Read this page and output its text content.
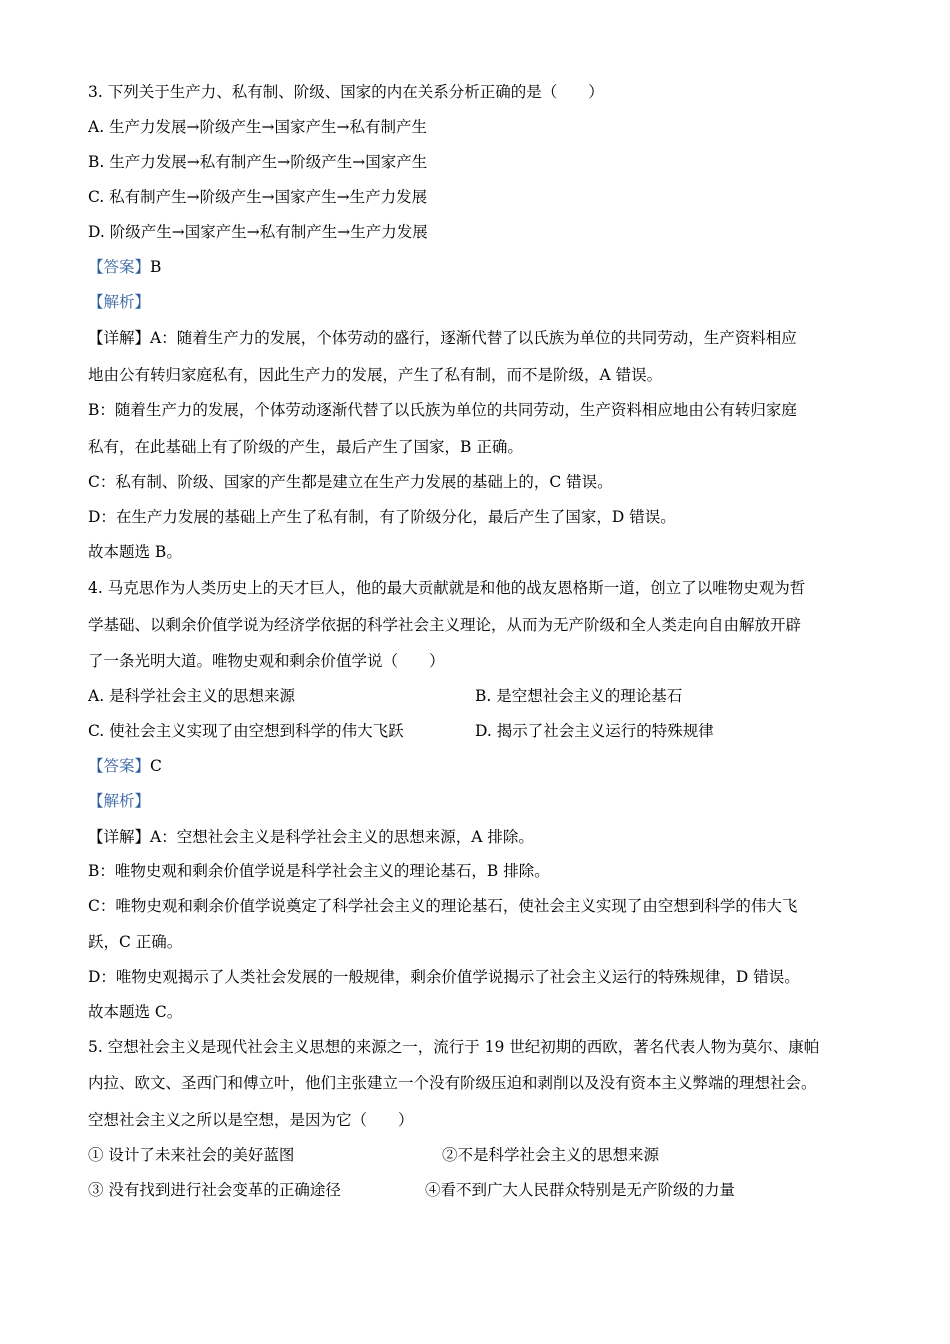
3. 下列关于生产力、私有制、阶级、国家的内在关系分析正确的是（　　）
A. 生产力发展→阶级产生→国家产生→私有制产生
B. 生产力发展→私有制产生→阶级产生→国家产生
C. 私有制产生→阶级产生→国家产生→生产力发展
D. 阶级产生→国家产生→私有制产生→生产力发展
【答案】B
【解析】
【详解】A：随着生产力的发展，个体劳动的盛行，逐渐代替了以氏族为单位的共同劳动，生产资料相应
地由公有转归家庭私有，因此生产力的发展，产生了私有制，而不是阶级，A 错误。
B：随着生产力的发展，个体劳动逐渐代替了以氏族为单位的共同劳动，生产资料相应地由公有转归家庭
私有，在此基础上有了阶级的产生，最后产生了国家，B 正确。
C：私有制、阶级、国家的产生都是建立在生产力发展的基础上的，C 错误。
D：在生产力发展的基础上产生了私有制，有了阶级分化，最后产生了国家，D 错误。
故本题选 B。
4. 马克思作为人类历史上的天才巨人，他的最大贡献就是和他的战友恩格斯一道，创立了以唯物史观为哲
学基础、以剩余价值学说为经济学依据的科学社会主义理论，从而为无产阶级和全人类走向自由解放开辟
了一条光明大道。唯物史观和剩余价值学说（　　）
A. 是科学社会主义的思想来源	B. 是空想社会主义的理论基石
C. 使社会主义实现了由空想到科学的伟大飞跃	D. 揭示了社会主义运行的特殊规律
【答案】C
【解析】
【详解】A：空想社会主义是科学社会主义的思想来源，A 排除。
B：唯物史观和剩余价值学说是科学社会主义的理论基石，B 排除。
C：唯物史观和剩余价值学说奠定了科学社会主义的理论基石，使社会主义实现了由空想到科学的伟大飞
跃，C 正确。
D：唯物史观揭示了人类社会发展的一般规律，剩余价值学说揭示了社会主义运行的特殊规律，D 错误。
故本题选 C。
5. 空想社会主义是现代社会主义思想的来源之一，流行于 19 世纪初期的西欧，著名代表人物为莫尔、康帕
内拉、欧文、圣西门和傅立叶，他们主张建立一个没有阶级压迫和剥削以及没有资本主义弊端的理想社会。
空想社会主义之所以是空想，是因为它（　　）
① 设计了未来社会的美好蓝图	②不是科学社会主义的思想来源
③ 没有找到进行社会变革的正确途径	④看不到广大人民群众特别是无产阶级的力量
